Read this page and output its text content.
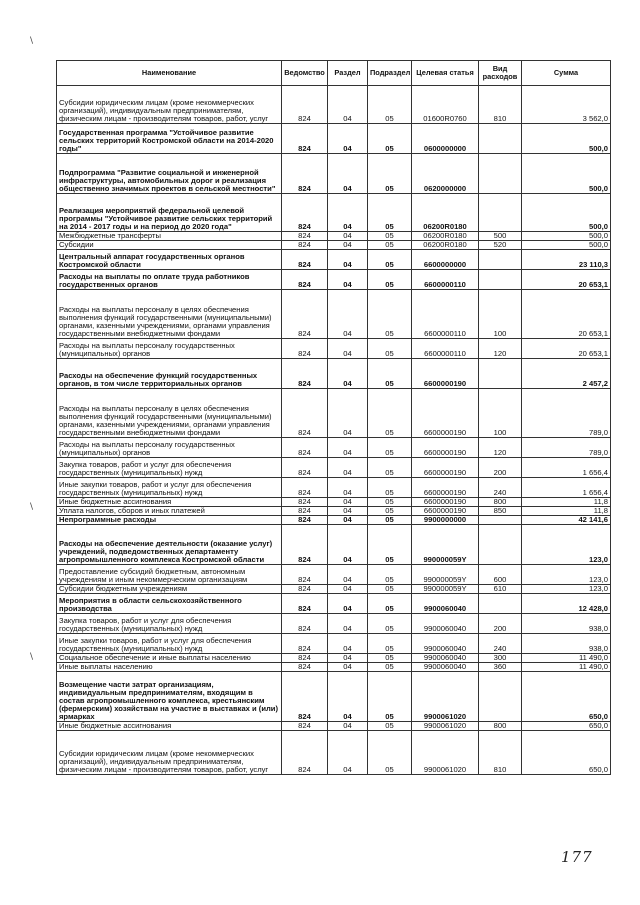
\
\
\
Наименование	Ведомство	Раздел	Подраздел	Целевая статья	Вид расходов	Сумма
Субсидии юридическим лицам (кроме некоммерческих организаций), индивидуальным предпринимателям, физическим лицам - производителям товаров, работ, услуг	824	04	05	01600R0760	810	3 562,0
Государственная программа "Устойчивое развитие сельских территорий Костромской области на 2014-2020 годы"	824	04	05	0600000000		500,0
Подпрограмма "Развитие социальной и инженерной инфраструктуры, автомобильных дорог и реализация общественно значимых проектов в сельской местности"	824	04	05	0620000000		500,0
Реализация мероприятий федеральной целевой программы "Устойчивое развитие сельских территорий на 2014 - 2017 годы и на период до 2020 года"	824	04	05	06200R0180		500,0
Межбюджетные трансферты	824	04	05	06200R0180	500	500,0
Субсидии	824	04	05	06200R0180	520	500,0
Центральный аппарат государственных органов Костромской области	824	04	05	6600000000		23 110,3
Расходы на выплаты по оплате труда работников государственных органов	824	04	05	6600000110		20 653,1
Расходы на выплаты персоналу в целях обеспечения выполнения функций государственными (муниципальными) органами, казенными учреждениями, органами управления государственными внебюджетными фондами	824	04	05	6600000110	100	20 653,1
Расходы на выплаты персоналу государственных (муниципальных) органов	824	04	05	6600000110	120	20 653,1
Расходы на обеспечение функций государственных органов, в том числе территориальных органов	824	04	05	6600000190		2 457,2
Расходы на выплаты персоналу в целях обеспечения выполнения функций государственными (муниципальными) органами, казенными учреждениями, органами управления государственными внебюджетными фондами	824	04	05	6600000190	100	789,0
Расходы на выплаты персоналу государственных (муниципальных) органов	824	04	05	6600000190	120	789,0
Закупка товаров, работ и услуг для обеспечения государственных (муниципальных) нужд	824	04	05	6600000190	200	1 656,4
Иные закупки товаров, работ и услуг для обеспечения государственных (муниципальных) нужд	824	04	05	6600000190	240	1 656,4
Иные бюджетные ассигнования	824	04	05	6600000190	800	11,8
Уплата налогов, сборов и иных платежей	824	04	05	6600000190	850	11,8
Непрограммные расходы	824	04	05	9900000000		42 141,6
Расходы на обеспечение деятельности (оказание услуг) учреждений, подведомственных департаменту агропромышленного комплекса Костромской области	824	04	05	990000059Y		123,0
Предоставление субсидий бюджетным, автономным учреждениям и иным некоммерческим организациям	824	04	05	990000059Y	600	123,0
Субсидии бюджетным учреждениям	824	04	05	990000059Y	610	123,0
Мероприятия в области сельскохозяйственного производства	824	04	05	9900060040		12 428,0
Закупка товаров, работ и услуг для обеспечения государственных (муниципальных) нужд	824	04	05	9900060040	200	938,0
Иные закупки товаров, работ и услуг для обеспечения государственных (муниципальных) нужд	824	04	05	9900060040	240	938,0
Социальное обеспечение и иные выплаты населению	824	04	05	9900060040	300	11 490,0
Иные выплаты населению	824	04	05	9900060040	360	11 490,0
Возмещение части затрат организациям, индивидуальным предпринимателям, входящим в состав агропромышленного комплекса, крестьянским (фермерским) хозяйствам на участие в выставках и (или) ярмарках	824	04	05	9900061020		650,0
Иные бюджетные ассигнования	824	04	05	9900061020	800	650,0
Субсидии юридическим лицам (кроме некоммерческих организаций), индивидуальным предпринимателям, физическим лицам - производителям товаров, работ, услуг	824	04	05	9900061020	810	650,0
177
